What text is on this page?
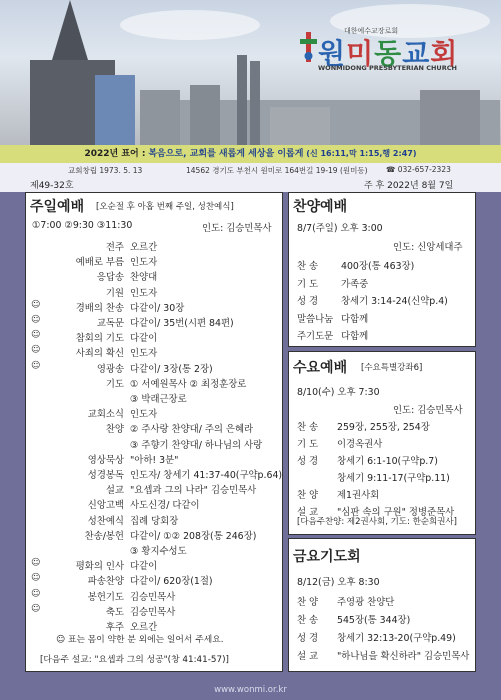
대한예수교장로회
원미동교회
WONMIDONG PRESBYTERIAN CHURCH
2022년 표어 : 복음으로, 교회를 새롭게 세상을 이롭게 (신 16:11,막 1:15,행 2:47)
교회창립 1973. 5. 13	14562 경기도 부천시 원미로 164번길 19-19 (원미동) ☎ 032-657-2323
제49-32호	주 후 2022년 8월 7일
주일예배 [오순절 후 아홉 번째 주일, 성찬예식]
①7:00 ②9:30 ③11:30	인도: 김승민목사
전주 오르간
예배로 부름 인도자
응답송 찬양대
기원 인도자
☺	경배의 찬송 다같이/ 30장
☺	교독문 다같이/ 35번(시편 84편)
☺	참회의 기도 다같이
☺	사죄의 확신 인도자
☺	영광송 다같이/ 3장(통 2장)
기도 ① 서예원목사 ② 최정훈장로
③ 박래근장로
교회소식 인도자
찬양 ② 주사랑 찬양대/ 주의 은혜라
③ 주향기 찬양대/ 하나님의 사랑
영상묵상 "아하! 3분"
성경봉독 인도자/ 창세기 41:37-40(구약p.64)
설교 "요셉과 그의 나라" 김승민목사
신앙고백 사도신경/ 다같이
성찬예식 집례 당회장
찬송/봉헌 다같이/ ①② 208장(통 246장)
③ 황지수성도
☺	평화의 인사 다같이
☺	파송찬양 다같이/ 620장(1절)
☺	봉헌기도 김승민목사
☺	축도 김승민목사
후주 오르간
☺ 표는 몸이 약한 분 외에는 일어서 주세요.
[다음주 설교: "요셉과 그의 성공"(창 41:41-57)]
찬양예배
8/7(주일) 오후 3:00
인도: 신앙세대주
찬 송 400장(통 463장)
기 도 가족중
성 경 창세기 3:14-24(신약p.4)
말씀나눔 다함께
주기도문 다함께
수요예배 [수요특별강좌6]
8/10(수) 오후 7:30
인도: 김승민목사
찬 송 259장, 255장, 254장
기 도 이경옥권사
성 경 창세기 6:1-10(구약p.7)
창세기 9:11-17(구약p.11)
찬 양 제1권사회
설 교 "심판 속의 구원" 정병준목사
[다음주찬양: 제2권사회, 기도: 한순희권사]
금요기도회
8/12(금) 오후 8:30
찬 양 주영광 찬양단
찬 송 545장(통 344장)
성 경 창세기 32:13-20(구약p.49)
설 교 "하나님을 확신하라" 김승민목사
www.wonmi.or.kr
